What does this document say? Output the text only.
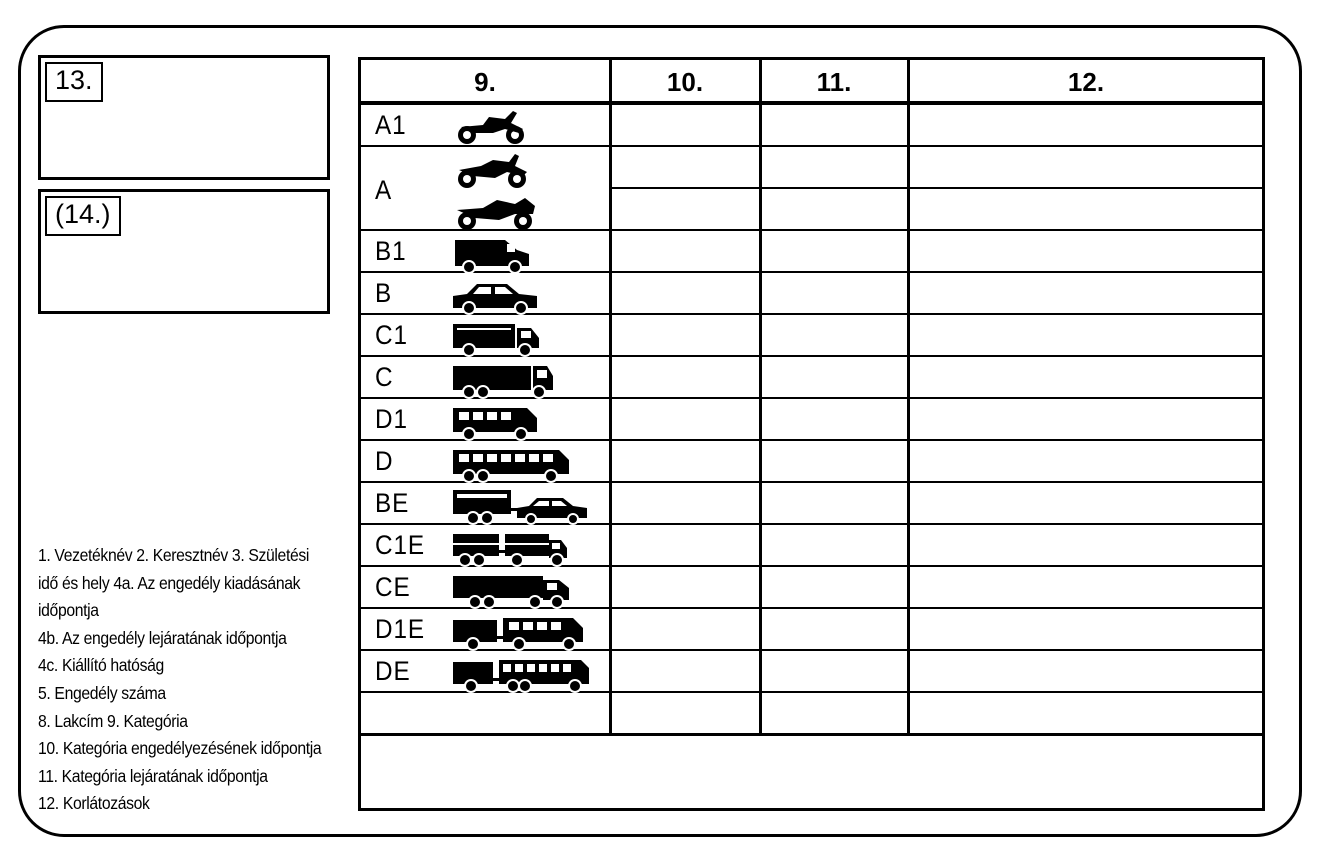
13.
(14.)
1. Vezetéknév 2. Keresztnév 3. Születési
idő és hely 4a. Az engedély kiadásának
időpontja
4b. Az engedély lejáratának időpontja
4c. Kiállító hatóság
5. Engedély száma
8. Lakcím 9. Kategória
10. Kategória engedélyezésének időpontja
11. Kategória lejáratának időpontja
12. Korlátozások
9.	10.	11.	12.
A1
A
B1
B
C1
C
D1
D
BE
C1E
CE
D1E
DE
